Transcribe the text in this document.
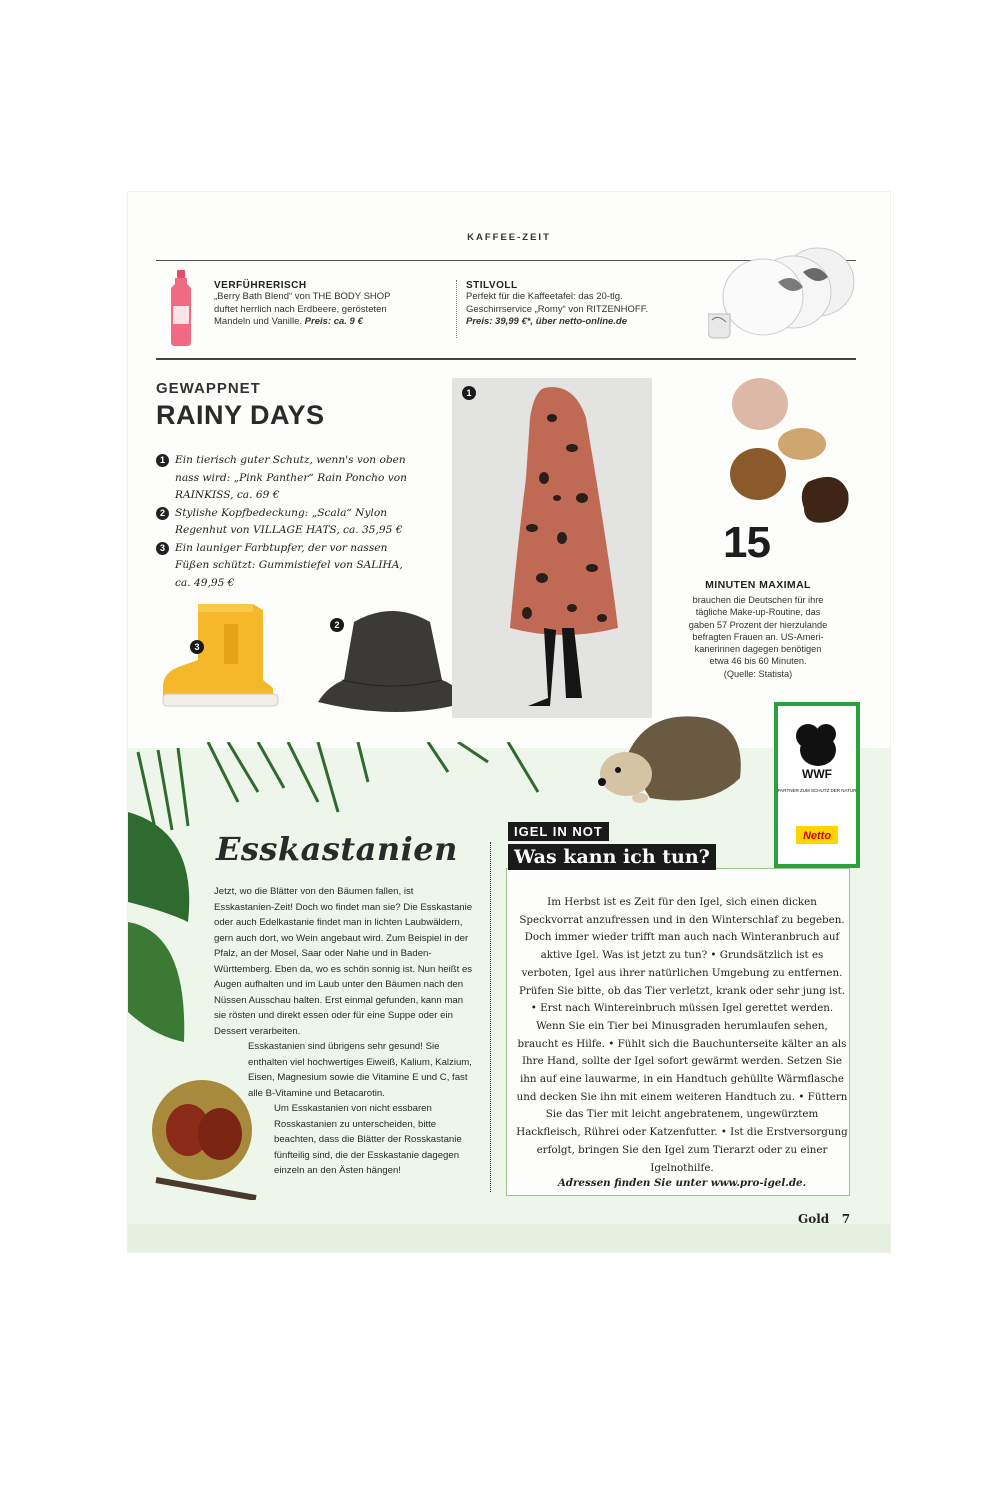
KAFFEE-ZEIT
VERFÜHRERISCH
„Berry Bath Blend“ von THE BODY SHOP
duftet herrlich nach Erdbeere, gerösteten
Mandeln und Vanille. Preis: ca. 9 €
STILVOLL
Perfekt für die Kaffeetafel: das 20-tlg.
Geschirrservice „Romy“ von RITZENHOFF.
Preis: 39,99 €*, über netto-online.de
GEWAPPNET
RAINY DAYS
1 Ein tierisch guter Schutz, wenn's von oben nass wird: „Pink Panther“ Rain Poncho von RAINKISS, ca. 69 €
2 Stylishe Kopfbedeckung: „Scala“ Nylon Regenhut von VILLAGE HATS, ca. 35,95 €
3 Ein launiger Farbtupfer, der vor nassen Füßen schützt: Gummistiefel von SALIHA, ca. 49,95 €
3
2
1
15
MINUTEN MAXIMAL
brauchen die Deutschen für ihre
tägliche Make-up-Routine, das
gaben 57 Prozent der hierzulande
befragten Frauen an. US-Ameri-
kanerinnen dagegen benötigen
etwa 46 bis 60 Minuten.
(Quelle: Statista)
Esskastanien

Jetzt, wo die Blätter von den Bäumen fallen, ist Esskastanien-Zeit! Doch wo findet man sie? Die Esskastanie oder auch Edelkastanie findet man in lichten Laubwäldern, gern auch dort, wo Wein angebaut wird. Zum Beispiel in der Pfalz, an der Mosel, Saar oder Nahe und in Baden-Württemberg. Eben da, wo es schön sonnig ist. Nun heißt es Augen aufhalten und im Laub unter den Bäumen nach den Nüssen Ausschau halten. Erst einmal gefunden, kann man sie rösten und direkt essen oder für eine Suppe oder ein Dessert verarbeiten.

Esskastanien sind übrigens sehr gesund! Sie enthalten viel hochwertiges Eiweiß, Kalium, Kalzium, Eisen, Magnesium sowie die Vitamine E und C, fast alle B-Vitamine und Betacarotin.

Um Esskastanien von nicht essbaren Rosskastanien zu unterscheiden, bitte beachten, dass die Blätter der Rosskastanie fünfteilig sind, die der Esskastanie dagegen einzeln an den Ästen hängen!

WWF
PARTNER ZUM SCHUTZ DER NATUR
Netto
IGEL IN NOT
Was kann ich tun?
Im Herbst ist es Zeit für den Igel, sich einen dicken Speckvorrat anzufressen und in den Winterschlaf zu begeben. Doch immer wieder trifft man auch nach Winteranbruch auf aktive Igel. Was ist jetzt zu tun? • Grundsätzlich ist es verboten, Igel aus ihrer natürlichen Umgebung zu entfernen. Prüfen Sie bitte, ob das Tier verletzt, krank oder sehr jung ist. • Erst nach Wintereinbruch müssen Igel gerettet werden. Wenn Sie ein Tier bei Minusgraden herumlaufen sehen, braucht es Hilfe. • Fühlt sich die Bauchunterseite kälter an als Ihre Hand, sollte der Igel sofort gewärmt werden. Setzen Sie ihn auf eine lauwarme, in ein Handtuch gehüllte Wärmflasche und decken Sie ihn mit einem weiteren Handtuch zu. • Füttern Sie das Tier mit leicht angebratenem, ungewürztem Hackfleisch, Rührei oder Katzenfutter. • Ist die Erstversorgung erfolgt, bringen Sie den Igel zum Tierarzt oder zu einer Igelnothilfe.
Adressen finden Sie unter www.pro-igel.de.
Gold 7
